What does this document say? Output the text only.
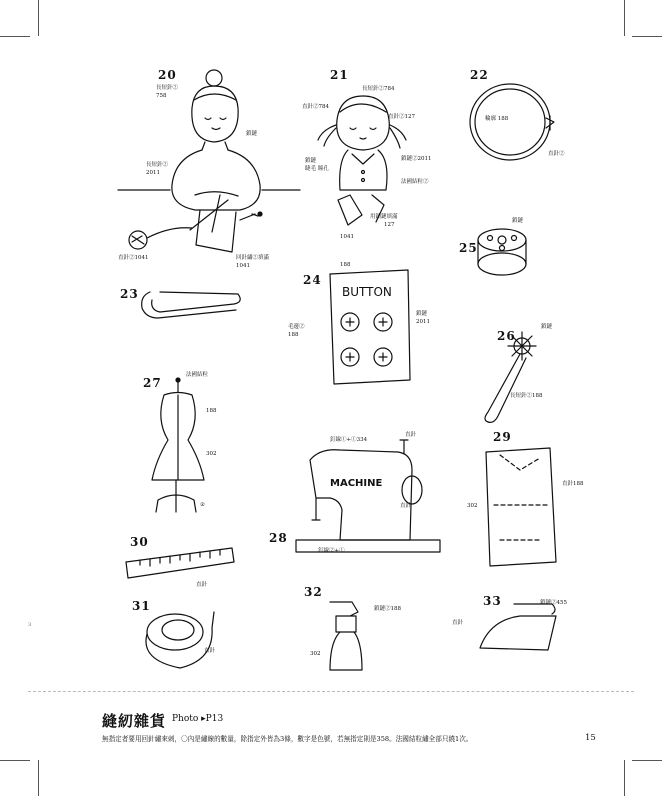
20	21	22
23
24
25
26
27
28
29
30
31
32
33
長短針②
758
鎖鏈
長短針②
2011
直針②1041	回針繡②填滿
1041
長短針②784
直針②784
直針②127
鎖鏈
睫毛 瞳孔
鎖鏈②2011
法國結粒②
用鎖鏈填滿
127
1041
輪廓 188
直針②
188
BUTTON
毛邊②
188
鎖鏈
2011
鎖鏈
鎖鏈
長短針②188
法國結粒
188
302
②
釘線①+①334
直針
MACHINE
直針
釘線②+①
直針188
302
直針
直針
鎖鏈②188
302
鎖鏈②455
直針
3
縫紉雜貨 Photo ▸P13
無指定者要用回針繡來刺，〇內是繡線的數量，除指定外皆為3條，數字是色號，若無指定則是358。法國結粒繡全部只繞1次。	15
